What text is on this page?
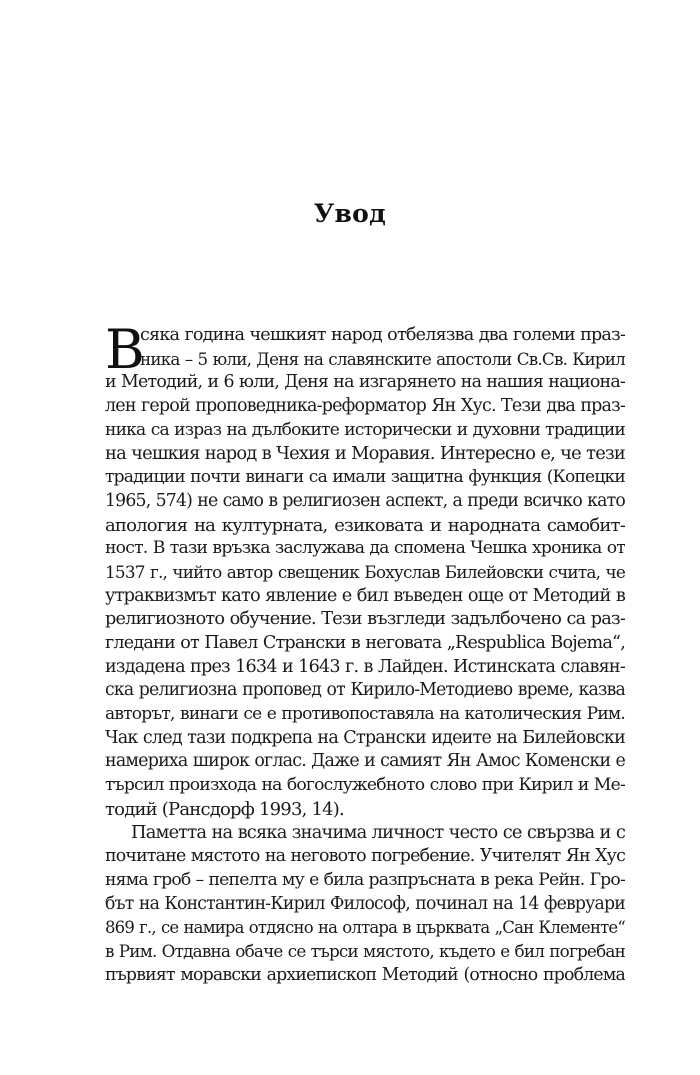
Увод
В
сяка година чешкият народ отбелязва два големи праз-
ника – 5 юли, Деня на славянските апостоли Св.Св. Кирил
и Методий, и 6 юли, Деня на изгарянето на нашия национа-
лен герой проповедника-реформатор Ян Хус. Тези два праз-
ника са израз на дълбоките исторически и духовни традиции
на чешкия народ в Чехия и Моравия. Интересно е, че тези
традиции почти винаги са имали защитна функция (Копецки
1965, 574) не само в религиозен аспект, а преди всичко като
апология на културната, езиковата и народната самобит-
ност. В тази връзка заслужава да спомена Чешка хроника от
1537 г., чийто автор свещеник Бохуслав Билейовски счита, че
утраквизмът като явление е бил въведен още от Методий в
религиозното обучение. Тези възгледи задълбочено са раз-
гледани от Павел Странски в неговата „Respublica Bojema“,
издадена през 1634 и 1643 г. в Лайден. Истинската славян-
ска религиозна проповед от Кирило-Методиево време, казва
авторът, винаги се е противопоставяла на католическия Рим.
Чак след тази подкрепа на Странски идеите на Билейовски
намериха широк оглас. Даже и самият Ян Амос Коменски е
търсил произхода на богослужебното слово при Кирил и Ме-
тодий (Рансдорф 1993, 14).
Паметта на всяка значима личност често се свързва и с
почитане мястото на неговото погребение. Учителят Ян Хус
няма гроб – пепелта му е била разпръсната в река Рейн. Гро-
бът на Константин-Кирил Философ, починал на 14 февруари
869 г., се намира отдясно на олтара в църквата „Сан Клементе“
в Рим. Отдавна обаче се търси мястото, където е бил погребан
първият моравски архиепископ Методий (относно проблема
